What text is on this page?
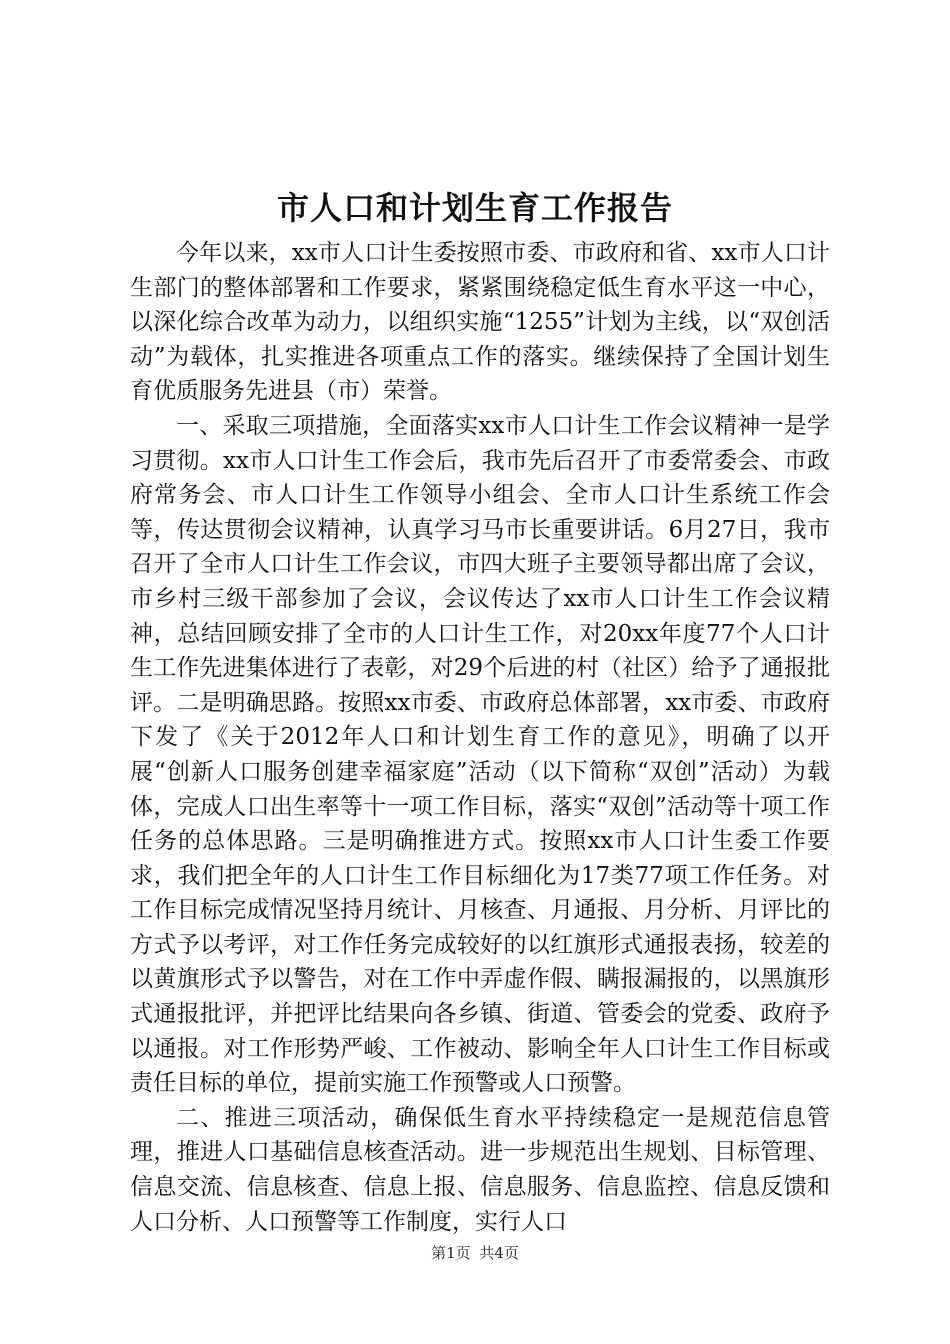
市人口和计划生育工作报告

今年以来，xx市人口计生委按照市委、市政府和省、xx市人口计生部门的整体部署和工作要求，紧紧围绕稳定低生育水平这一中心，以深化综合改革为动力，以组织实施“1255”计划为主线，以“双创活动”为载体，扎实推进各项重点工作的落实。继续保持了全国计划生育优质服务先进县（市）荣誉。

一、采取三项措施，全面落实xx市人口计生工作会议精神一是学习贯彻。xx市人口计生工作会后，我市先后召开了市委常委会、市政府常务会、市人口计生工作领导小组会、全市人口计生系统工作会等，传达贯彻会议精神，认真学习马市长重要讲话。6月27日，我市召开了全市人口计生工作会议，市四大班子主要领导都出席了会议，市乡村三级干部参加了会议，会议传达了xx市人口计生工作会议精神，总结回顾安排了全市的人口计生工作，对20xx年度77个人口计生工作先进集体进行了表彰，对29个后进的村（社区）给予了通报批评。二是明确思路。按照xx市委、市政府总体部署，xx市委、市政府下发了《关于2012年人口和计划生育工作的意见》，明确了以开展“创新人口服务创建幸福家庭”活动（以下简称“双创”活动）为载体，完成人口出生率等十一项工作目标，落实“双创”活动等十项工作任务的总体思路。三是明确推进方式。按照xx市人口计生委工作要求，我们把全年的人口计生工作目标细化为17类77项工作任务。对工作目标完成情况坚持月统计、月核查、月通报、月分析、月评比的方式予以考评，对工作任务完成较好的以红旗形式通报表扬，较差的以黄旗形式予以警告，对在工作中弄虚作假、瞒报漏报的，以黑旗形式通报批评，并把评比结果向各乡镇、街道、管委会的党委、政府予以通报。对工作形势严峻、工作被动、影响全年人口计生工作目标或责任目标的单位，提前实施工作预警或人口预警。

二、推进三项活动，确保低生育水平持续稳定一是规范信息管理，推进人口基础信息核查活动。进一步规范出生规划、目标管理、信息交流、信息核查、信息上报、信息服务、信息监控、信息反馈和人口分析、人口预警等工作制度，实行人口

第1页 共4页
